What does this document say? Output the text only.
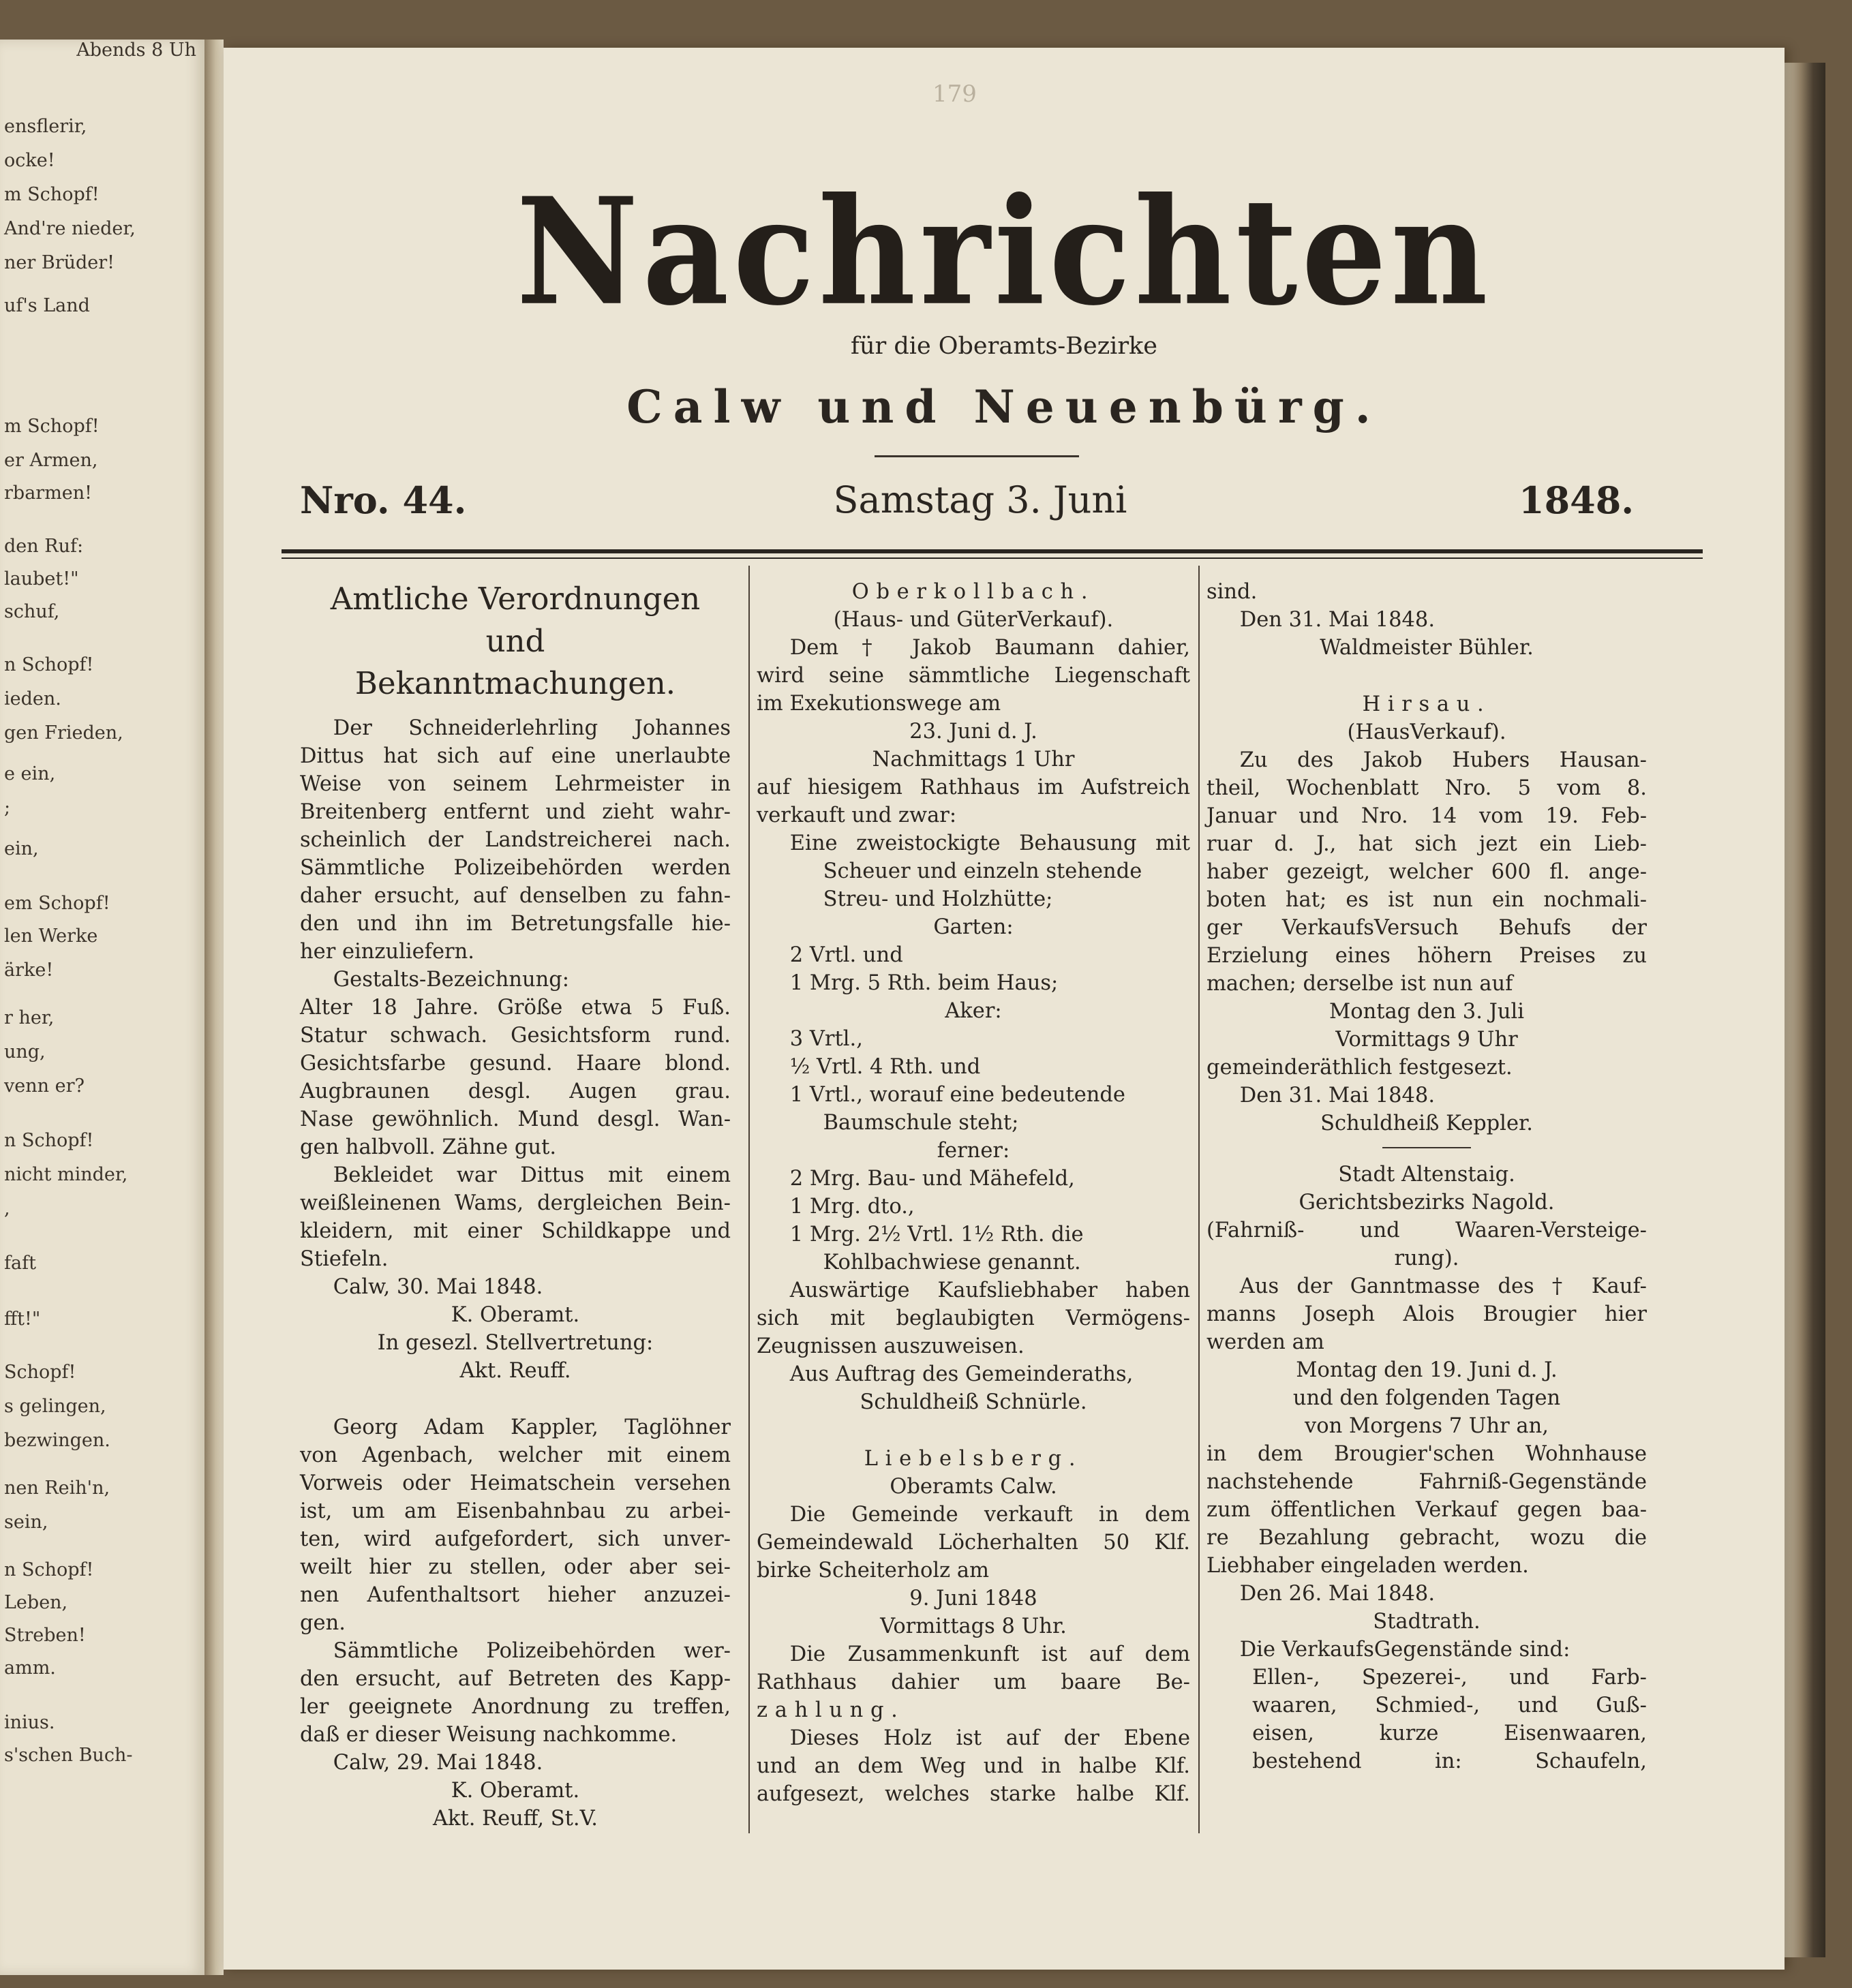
Abends 8 Uh
ensflerir,
ocke!
m Schopf!
And're nieder,
ner Brüder!
uf's Land
m Schopf!
er Armen,
rbarmen!
den Ruf:
laubet!"
schuf,
n Schopf!
ieden.
gen Frieden,
e ein,
;
ein,
em Schopf!
len Werke
ärke!
r her,
ung,
venn er?
n Schopf!
nicht minder,
,
faft
fft!"
Schopf!
s gelingen,
bezwingen.
nen Reih'n,
sein,
n Schopf!
Leben,
Streben!
amm.
inius.
s'schen Buch-
179
Nachrichten
für die Oberamts-Bezirke
Calw und Neuenbürg.
Nro. 44.	Samstag 3. Juni	1848.
Amtliche Verordnungen und
Bekanntmachungen.

Der Schneiderlehrling Johannes

Dittus hat sich auf eine unerlaubte

Weise von seinem Lehrmeister in

Breitenberg entfernt und zieht wahr-

scheinlich der Landstreicherei nach.

Sämmtliche Polizeibehörden werden

daher ersucht, auf denselben zu fahn-

den und ihn im Betretungsfalle hie-

her einzuliefern.

Gestalts-Bezeichnung:

Alter 18 Jahre. Größe etwa 5 Fuß.

Statur schwach. Gesichtsform rund.

Gesichtsfarbe gesund. Haare blond.

Augbraunen desgl. Augen grau.

Nase gewöhnlich. Mund desgl. Wan-

gen halbvoll. Zähne gut.

Bekleidet war Dittus mit einem

weißleinenen Wams, dergleichen Bein-

kleidern, mit einer Schildkappe und

Stiefeln.

Calw, 30. Mai 1848.

K. Oberamt.

In gesezl. Stellvertretung:

Akt. Reuff.

Georg Adam Kappler, Taglöhner

von Agenbach, welcher mit einem

Vorweis oder Heimatschein versehen

ist, um am Eisenbahnbau zu arbei-

ten, wird aufgefordert, sich unver-

weilt hier zu stellen, oder aber sei-

nen Aufenthaltsort hieher anzuzei-

gen.

Sämmtliche Polizeibehörden wer-

den ersucht, auf Betreten des Kapp-

ler geeignete Anordnung zu treffen,

daß er dieser Weisung nachkomme.

Calw, 29. Mai 1848.

K. Oberamt.

Akt. Reuff, St.V.

Oberkollbach.

(Haus- und GüterVerkauf).

Dem † Jakob Baumann dahier,

wird seine sämmtliche Liegenschaft

im Exekutionswege am

23. Juni d. J.

Nachmittags 1 Uhr

auf hiesigem Rathhaus im Aufstreich

verkauft und zwar:

Eine zweistockigte Behausung mit

Scheuer und einzeln stehende

Streu- und Holzhütte;

Garten:

2 Vrtl. und

1 Mrg. 5 Rth. beim Haus;

Aker:

3 Vrtl.,

½ Vrtl. 4 Rth. und

1 Vrtl., worauf eine bedeutende

Baumschule steht;

ferner:

2 Mrg. Bau- und Mähefeld,

1 Mrg. dto.,

1 Mrg. 2½ Vrtl. 1½ Rth. die

Kohlbachwiese genannt.

Auswärtige Kaufsliebhaber haben

sich mit beglaubigten Vermögens-

Zeugnissen auszuweisen.

Aus Auftrag des Gemeinderaths,

Schuldheiß Schnürle.

Liebelsberg.

Oberamts Calw.

Die Gemeinde verkauft in dem

Gemeindewald Löcherhalten 50 Klf.

birke Scheiterholz am

9. Juni 1848

Vormittags 8 Uhr.

Die Zusammenkunft ist auf dem

Rathhaus dahier um baare Be-

zahlung.

Dieses Holz ist auf der Ebene

und an dem Weg und in halbe Klf.

aufgesezt, welches starke halbe Klf.

sind.

Den 31. Mai 1848.

Waldmeister Bühler.

Hirsau.

(HausVerkauf).

Zu des Jakob Hubers Hausan-

theil, Wochenblatt Nro. 5 vom 8.

Januar und Nro. 14 vom 19. Feb-

ruar d. J., hat sich jezt ein Lieb-

haber gezeigt, welcher 600 fl. ange-

boten hat; es ist nun ein nochmali-

ger VerkaufsVersuch Behufs der

Erzielung eines höhern Preises zu

machen; derselbe ist nun auf

Montag den 3. Juli

Vormittags 9 Uhr

gemeinderäthlich festgesezt.

Den 31. Mai 1848.

Schuldheiß Keppler.

Stadt Altenstaig.

Gerichtsbezirks Nagold.

(Fahrniß- und Waaren-Versteige-

rung).

Aus der Ganntmasse des † Kauf-

manns Joseph Alois Brougier hier

werden am

Montag den 19. Juni d. J.

und den folgenden Tagen

von Morgens 7 Uhr an,

in dem Brougier'schen Wohnhause

nachstehende Fahrniß-Gegenstände

zum öffentlichen Verkauf gegen baa-

re Bezahlung gebracht, wozu die

Liebhaber eingeladen werden.

Den 26. Mai 1848.

Stadtrath.

Die VerkaufsGegenstände sind:

Ellen-, Spezerei-, und Farb-

waaren, Schmied-, und Guß-

eisen, kurze Eisenwaaren,

bestehend in: Schaufeln,
